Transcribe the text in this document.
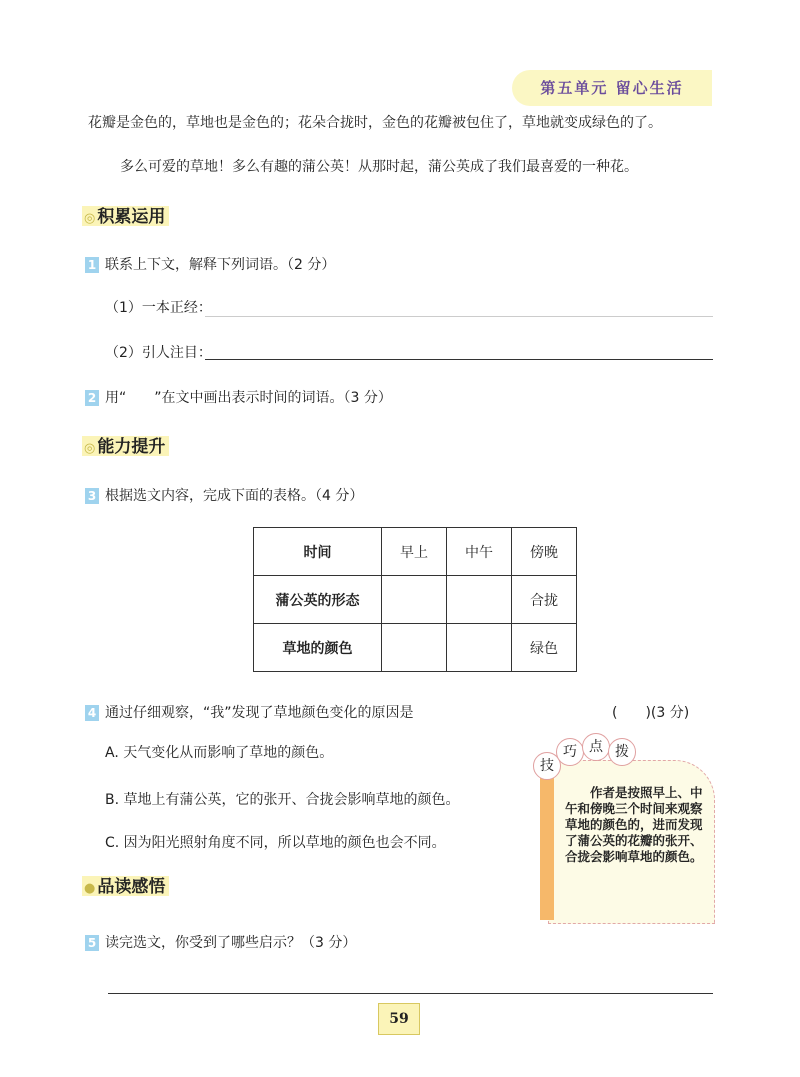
第五单元 留心生活
花瓣是金色的，草地也是金色的；花朵合拢时，金色的花瓣被包住了，草地就变成绿色的了。
多么可爱的草地！多么有趣的蒲公英！从那时起，蒲公英成了我们最喜爱的一种花。
◎ 积累运用
1 联系上下文，解释下列词语。（2 分）
（1）一本正经：
（2）引人注目：
2 用“　　”在文中画出表示时间的词语。（3 分）
◎ 能力提升
3 根据选文内容，完成下面的表格。（4 分）
时间	早上	中午	傍晚
蒲公英的形态			合拢
草地的颜色			绿色
4 通过仔细观察，“我”发现了草地颜色变化的原因是	(　　)(3 分)
A. 天气变化从而影响了草地的颜色。
B. 草地上有蒲公英，它的张开、合拢会影响草地的颜色。
C. 因为阳光照射角度不同，所以草地的颜色也会不同。
技
巧 点 拨
作者是按照早上、中午和傍晚三个时间来观察草地的颜色的，进而发现了蒲公英的花瓣的张开、合拢会影响草地的颜色。
● 品读感悟
5 读完选文，你受到了哪些启示？（3 分）
59
